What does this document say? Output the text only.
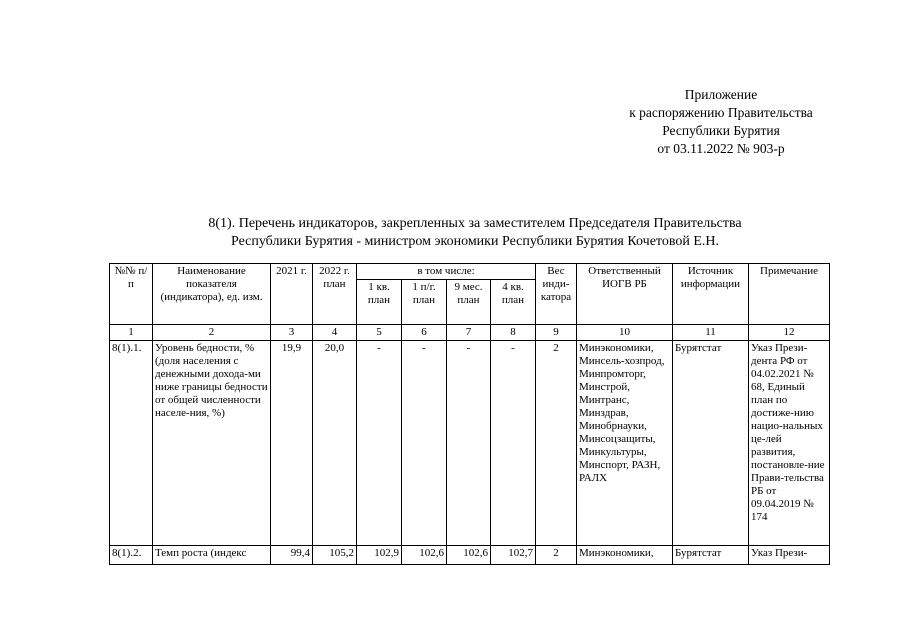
Приложение
к распоряжению Правительства
Республики Бурятия
от 03.11.2022 № 903-р
8(1). Перечень индикаторов, закрепленных за заместителем Председателя Правительства
Республики Бурятия - министром экономики Республики Бурятия Кочетовой Е.Н.
№№ п/п	Наименование показателя (индикатора), ед. изм.	2021 г.	2022 г. план	в том числе:				Вес инди-катора	Ответственный ИОГВ РБ	Источник информации	Примечание
				1 кв. план	1 п/г. план	9 мес. план	4 кв. план				
1	2	3	4	5	6	7	8	9	10	11	12
8(1).1.	Уровень бедности, % (доля населения с денежными дохода-ми ниже границы бедности от общей численности населе-ния, %)	19,9	20,0	-	-	-	-	2	Минэкономики, Минсель-хозпрод, Минпромторг, Минстрой, Минтранс, Минздрав, Минобрнауки, Минсоцзащиты, Минкультуры, Минспорт, РАЗН, РАЛХ	Бурятстат	Указ Прези-дента РФ от 04.02.2021 № 68, Единый план по достиже-нию нацио-нальных це-лей развития, постановле-ние Прави-тельства РБ от 09.04.2019 № 174
8(1).2.	Темп роста (индекс	99,4	105,2	102,9	102,6	102,6	102,7	2	Минэкономики,	Бурятстат	Указ Прези-
